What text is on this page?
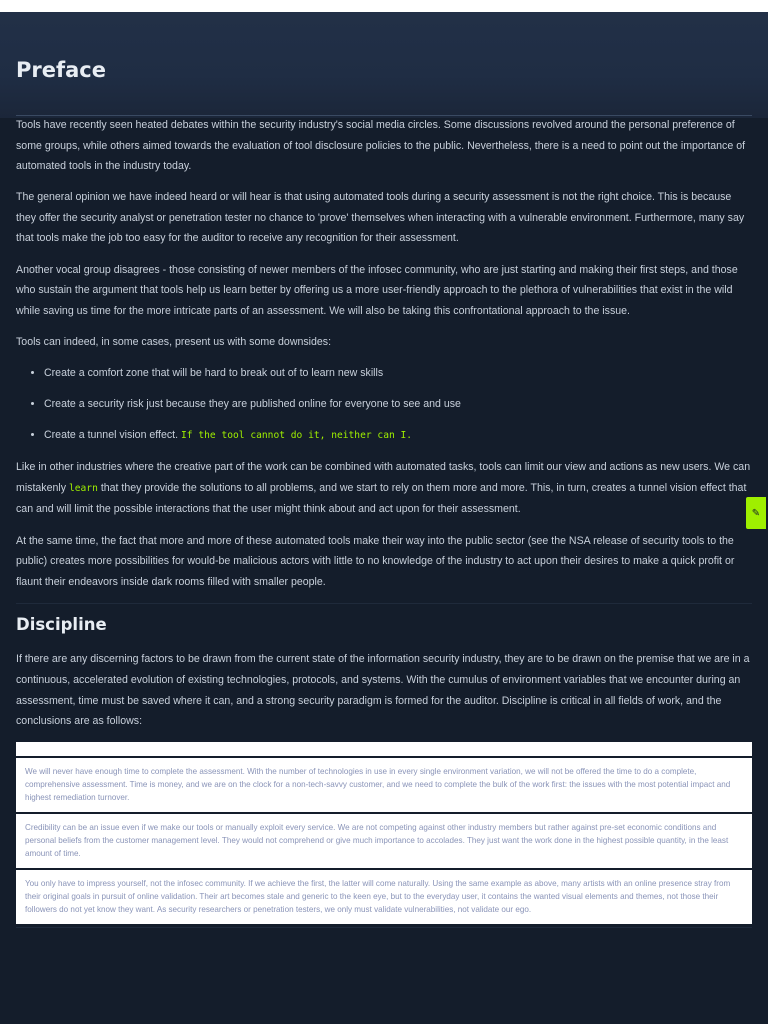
Preface

Tools have recently seen heated debates within the security industry's social media circles. Some discussions revolved around the personal preference of some groups, while others aimed towards the evaluation of tool disclosure policies to the public. Nevertheless, there is a need to point out the importance of automated tools in the industry today.

The general opinion we have indeed heard or will hear is that using automated tools during a security assessment is not the right choice. This is because they offer the security analyst or penetration tester no chance to 'prove' themselves when interacting with a vulnerable environment. Furthermore, many say that tools make the job too easy for the auditor to receive any recognition for their assessment.

Another vocal group disagrees - those consisting of newer members of the infosec community, who are just starting and making their first steps, and those who sustain the argument that tools help us learn better by offering us a more user-friendly approach to the plethora of vulnerabilities that exist in the wild while saving us time for the more intricate parts of an assessment. We will also be taking this confrontational approach to the issue.

Tools can indeed, in some cases, present us with some downsides:

• Create a comfort zone that will be hard to break out of to learn new skills
• Create a security risk just because they are published online for everyone to see and use
• Create a tunnel vision effect. If the tool cannot do it, neither can I.

Like in other industries where the creative part of the work can be combined with automated tasks, tools can limit our view and actions as new users. We can mistakenly learn that they provide the solutions to all problems, and we start to rely on them more and more. This, in turn, creates a tunnel vision effect that can and will limit the possible interactions that the user might think about and act upon for their assessment.

At the same time, the fact that more and more of these automated tools make their way into the public sector (see the NSA release of security tools to the public) creates more possibilities for would-be malicious actors with little to no knowledge of the industry to act upon their desires to make a quick profit or flaunt their endeavors inside dark rooms filled with smaller people.

Discipline

If there are any discerning factors to be drawn from the current state of the information security industry, they are to be drawn on the premise that we are in a continuous, accelerated evolution of existing technologies, protocols, and systems. With the cumulus of environment variables that we encounter during an assessment, time must be saved where it can, and a strong security paradigm is formed for the auditor. Discipline is critical in all fields of work, and the conclusions are as follows:

We will never have enough time to complete the assessment. With the number of technologies in use in every single environment variation, we will not be offered the time to do a complete, comprehensive assessment. Time is money, and we are on the clock for a non-tech-savvy customer, and we need to complete the bulk of the work first: the issues with the most potential impact and highest remediation turnover.
Credibility can be an issue even if we make our tools or manually exploit every service. We are not competing against other industry members but rather against pre-set economic conditions and personal beliefs from the customer management level. They would not comprehend or give much importance to accolades. They just want the work done in the highest possible quantity, in the least amount of time.
You only have to impress yourself, not the infosec community. If we achieve the first, the latter will come naturally. Using the same example as above, many artists with an online presence stray from their original goals in pursuit of online validation. Their art becomes stale and generic to the keen eye, but to the everyday user, it contains the wanted visual elements and themes, not those their followers do not yet know they want. As security researchers or penetration testers, we only must validate vulnerabilities, not validate our ego.
✎
